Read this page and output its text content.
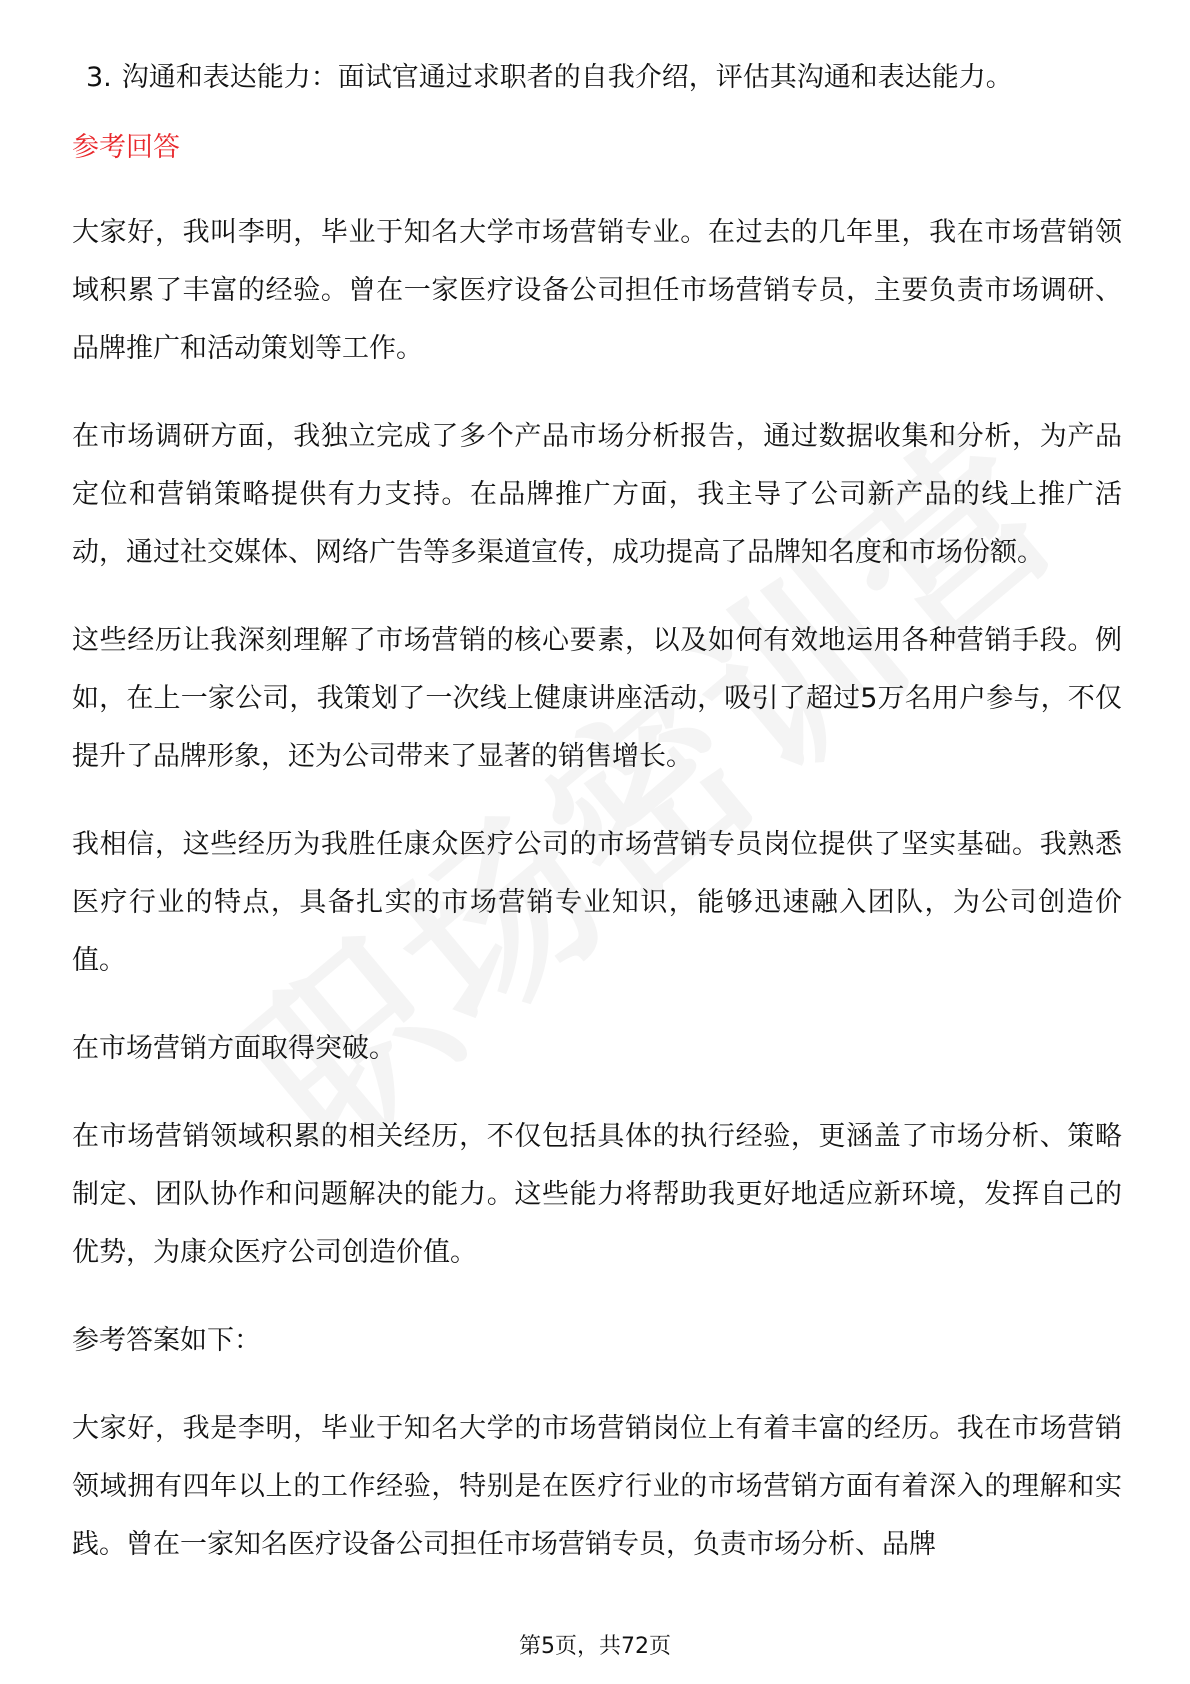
3. 沟通和表达能力：面试官通过求职者的自我介绍，评估其沟通和表达能力。
参考回答

大家好，我叫李明，毕业于知名大学市场营销专业。在过去的几年里，我在市场营销领域积累了丰富的经验。曾在一家医疗设备公司担任市场营销专员，主要负责市场调研、品牌推广和活动策划等工作。

在市场调研方面，我独立完成了多个产品市场分析报告，通过数据收集和分析，为产品定位和营销策略提供有力支持。在品牌推广方面，我主导了公司新产品的线上推广活动，通过社交媒体、网络广告等多渠道宣传，成功提高了品牌知名度和市场份额。

这些经历让我深刻理解了市场营销的核心要素，以及如何有效地运用各种营销手段。例如，在上一家公司，我策划了一次线上健康讲座活动，吸引了超过5万名用户参与，不仅提升了品牌形象，还为公司带来了显著的销售增长。

我相信，这些经历为我胜任康众医疗公司的市场营销专员岗位提供了坚实基础。我熟悉医疗行业的特点，具备扎实的市场营销专业知识，能够迅速融入团队，为公司创造价值。

在市场营销方面取得突破。

在市场营销领域积累的相关经历，不仅包括具体的执行经验，更涵盖了市场分析、策略制定、团队协作和问题解决的能力。这些能力将帮助我更好地适应新环境，发挥自己的优势，为康众医疗公司创造价值。

参考答案如下：

大家好，我是李明，毕业于知名大学的市场营销岗位上有着丰富的经历。我在市场营销领域拥有四年以上的工作经验，特别是在医疗行业的市场营销方面有着深入的理解和实践。曾在一家知名医疗设备公司担任市场营销专员，负责市场分析、品牌

第5页，共72页
